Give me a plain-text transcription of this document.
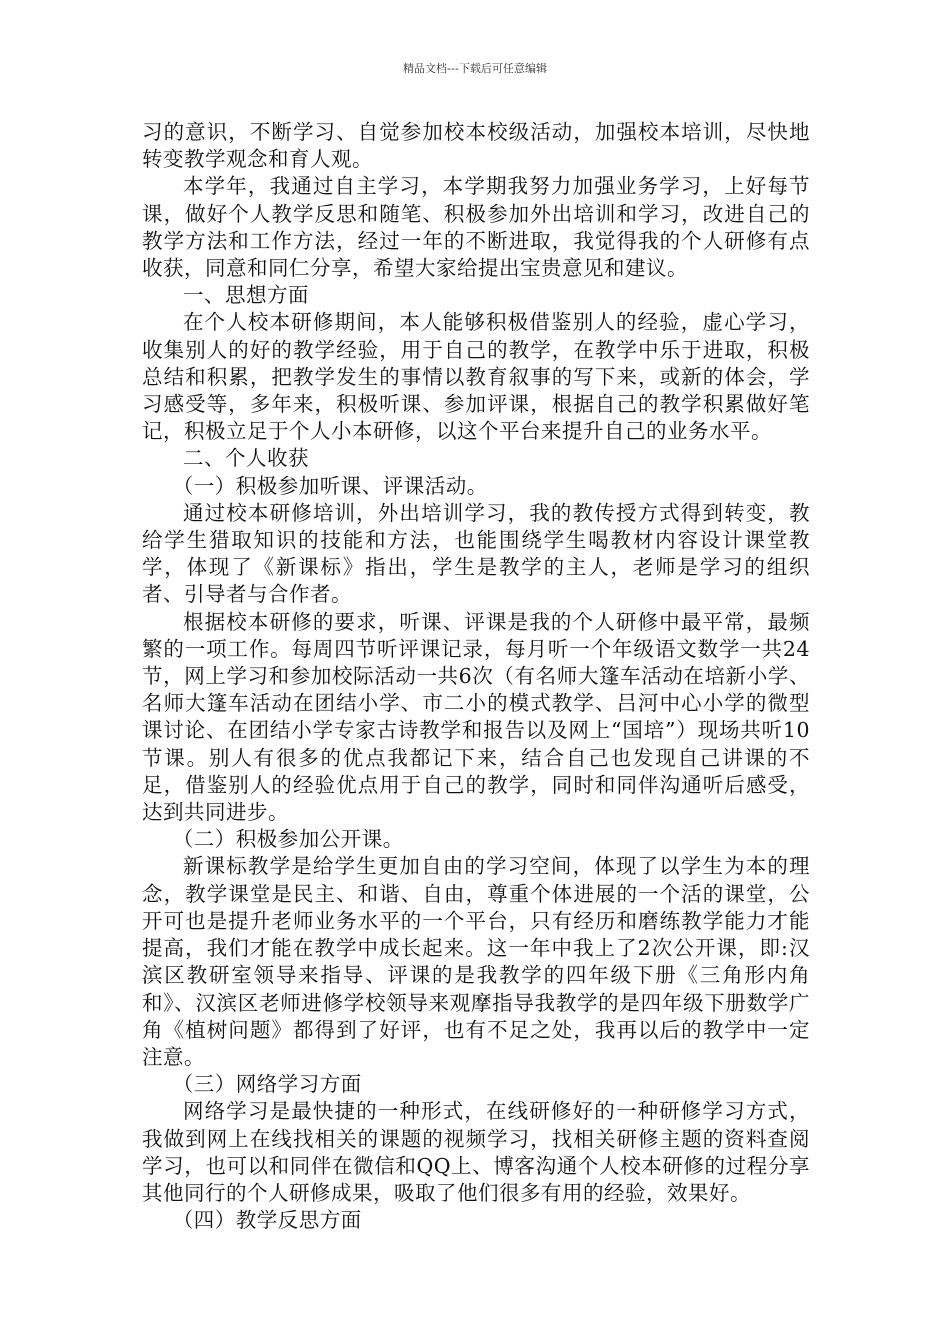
精品文档---下载后可任意编辑

习的意识，不断学习、自觉参加校本校级活动，加强校本培训，尽快地转变教学观念和育人观。

本学年，我通过自主学习，本学期我努力加强业务学习，上好每节课，做好个人教学反思和随笔、积极参加外出培训和学习，改进自己的教学方法和工作方法，经过一年的不断进取，我觉得我的个人研修有点收获，同意和同仁分享，希望大家给提出宝贵意见和建议。

一、思想方面

在个人校本研修期间，本人能够积极借鉴别人的经验，虚心学习，收集别人的好的教学经验，用于自己的教学，在教学中乐于进取，积极总结和积累，把教学发生的事情以教育叙事的写下来，或新的体会，学习感受等，多年来，积极听课、参加评课，根据自己的教学积累做好笔记，积极立足于个人小本研修，以这个平台来提升自己的业务水平。

二、个人收获

（一）积极参加听课、评课活动。

通过校本研修培训，外出培训学习，我的教传授方式得到转变，教给学生猎取知识的技能和方法，也能围绕学生喝教材内容设计课堂教学，体现了《新课标》指出，学生是教学的主人，老师是学习的组织者、引导者与合作者。

根据校本研修的要求，听课、评课是我的个人研修中最平常，最频繁的一项工作。每周四节听评课记录，每月听一个年级语文数学一共24节，网上学习和参加校际活动一共6次（有名师大篷车活动在培新小学、名师大篷车活动在团结小学、市二小的模式教学、吕河中心小学的微型课讨论、在团结小学专家古诗教学和报告以及网上“国培”）现场共听10节课。别人有很多的优点我都记下来，结合自己也发现自己讲课的不足，借鉴别人的经验优点用于自己的教学，同时和同伴沟通听后感受，达到共同进步。

（二）积极参加公开课。

新课标教学是给学生更加自由的学习空间，体现了以学生为本的理念，教学课堂是民主、和谐、自由，尊重个体进展的一个活的课堂，公开可也是提升老师业务水平的一个平台，只有经历和磨练教学能力才能提高，我们才能在教学中成长起来。这一年中我上了2次公开课，即:汉滨区教研室领导来指导、评课的是我教学的四年级下册《三角形内角和》、汉滨区老师进修学校领导来观摩指导我教学的是四年级下册数学广角《植树问题》都得到了好评，也有不足之处，我再以后的教学中一定注意。

（三）网络学习方面

网络学习是最快捷的一种形式，在线研修好的一种研修学习方式，我做到网上在线找相关的课题的视频学习，找相关研修主题的资料查阅学习，也可以和同伴在微信和QQ上、博客沟通个人校本研修的过程分享其他同行的个人研修成果，吸取了他们很多有用的经验，效果好。

（四）教学反思方面
